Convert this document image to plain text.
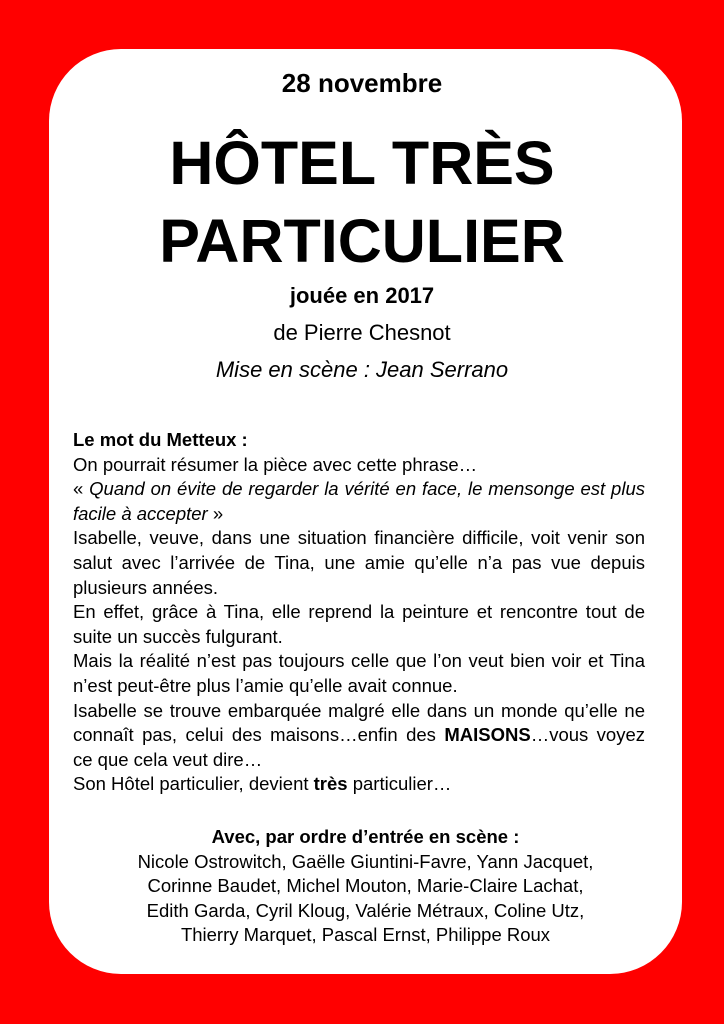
28 novembre
HÔTEL TRÈS
PARTICULIER
jouée en 2017
de Pierre Chesnot
Mise en scène : Jean Serrano

Le mot du Metteux :

On pourrait résumer la pièce avec cette phrase…

« Quand on évite de regarder la vérité en face, le mensonge est plus facile à accepter »

Isabelle, veuve, dans une situation financière difficile, voit venir son salut avec l’arrivée de Tina, une amie qu’elle n’a pas vue depuis plusieurs années.

En effet, grâce à Tina, elle reprend la peinture et rencontre tout de suite un succès fulgurant.

Mais la réalité n’est pas toujours celle que l’on veut bien voir et Tina n’est peut-être plus l’amie qu’elle avait connue.

Isabelle se trouve embarquée malgré elle dans un monde qu’elle ne connaît pas, celui des maisons…enfin des MAISONS…vous voyez ce que cela veut dire…

Son Hôtel particulier, devient très particulier…

Avec, par ordre d’entrée en scène :
Nicole Ostrowitch, Gaëlle Giuntini-Favre, Yann Jacquet,
Corinne Baudet, Michel Mouton, Marie-Claire Lachat,
Edith Garda, Cyril Kloug, Valérie Métraux, Coline Utz,
Thierry Marquet, Pascal Ernst, Philippe Roux
